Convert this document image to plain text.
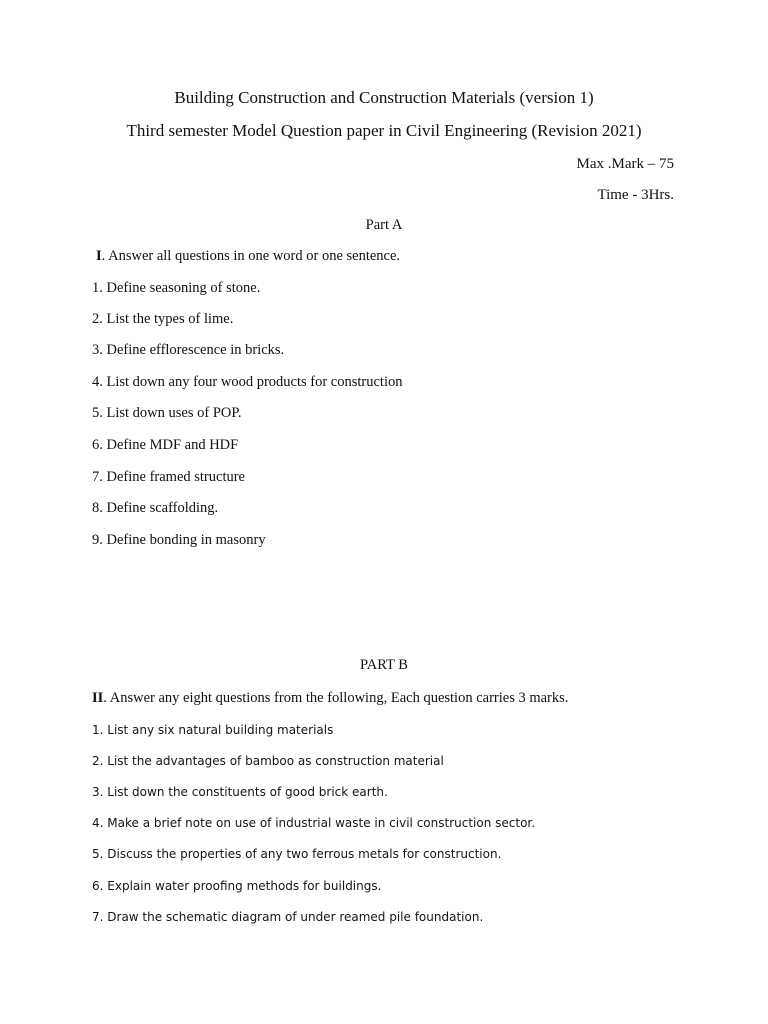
Building Construction and Construction Materials (version 1)

Third semester Model Question paper in Civil Engineering (Revision 2021)

Max .Mark – 75

Time - 3Hrs.

Part A

I. Answer all questions in one word or one sentence.

1. Define seasoning of stone.

2. List the types of lime.

3. Define efflorescence in bricks.

4. List down any four wood products for construction

5. List down uses of POP.

6. Define MDF and HDF

7. Define framed structure

8. Define scaffolding.

9. Define bonding in masonry

PART B

II. Answer any eight questions from the following, Each question carries 3 marks.

1. List any six natural building materials

2. List the advantages of bamboo as construction material

3. List down the constituents of good brick earth.

4. Make a brief note on use of industrial waste in civil construction sector.

5. Discuss the properties of any two ferrous metals for construction.

6. Explain water proofing methods for buildings.

7. Draw the schematic diagram of under reamed pile foundation.
